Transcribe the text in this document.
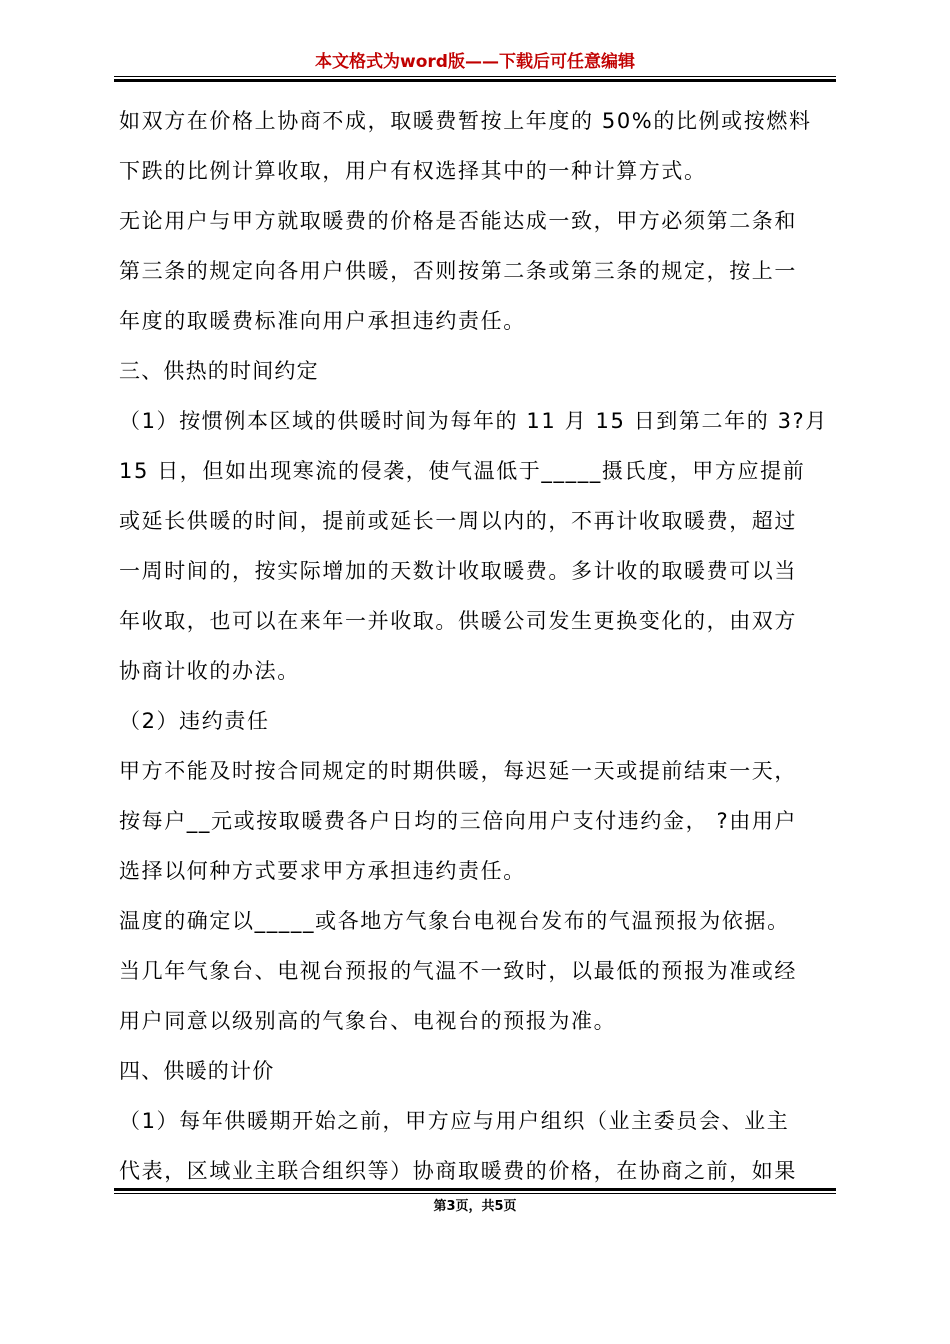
本文格式为word版——下载后可任意编辑
如双方在价格上协商不成，取暖费暂按上年度的 50%的比例或按燃料
下跌的比例计算收取，用户有权选择其中的一种计算方式。
无论用户与甲方就取暖费的价格是否能达成一致，甲方必须第二条和
第三条的规定向各用户供暖，否则按第二条或第三条的规定，按上一
年度的取暖费标准向用户承担违约责任。
三、供热的时间约定
（1）按惯例本区域的供暖时间为每年的 11 月 15 日到第二年的 3?月
15 日，但如出现寒流的侵袭，使气温低于_____摄氏度，甲方应提前
或延长供暖的时间，提前或延长一周以内的，不再计收取暖费，超过
一周时间的，按实际增加的天数计收取暖费。多计收的取暖费可以当
年收取，也可以在来年一并收取。供暖公司发生更换变化的，由双方
协商计收的办法。
（2）违约责任
甲方不能及时按合同规定的时期供暖，每迟延一天或提前结束一天，
按每户__元或按取暖费各户日均的三倍向用户支付违约金， ?由用户
选择以何种方式要求甲方承担违约责任。
温度的确定以_____或各地方气象台电视台发布的气温预报为依据。
当几年气象台、电视台预报的气温不一致时，以最低的预报为准或经
用户同意以级别高的气象台、电视台的预报为准。
四、供暖的计价
（1）每年供暖期开始之前，甲方应与用户组织（业主委员会、业主
代表，区域业主联合组织等）协商取暖费的价格，在协商之前，如果
第3页，共5页
